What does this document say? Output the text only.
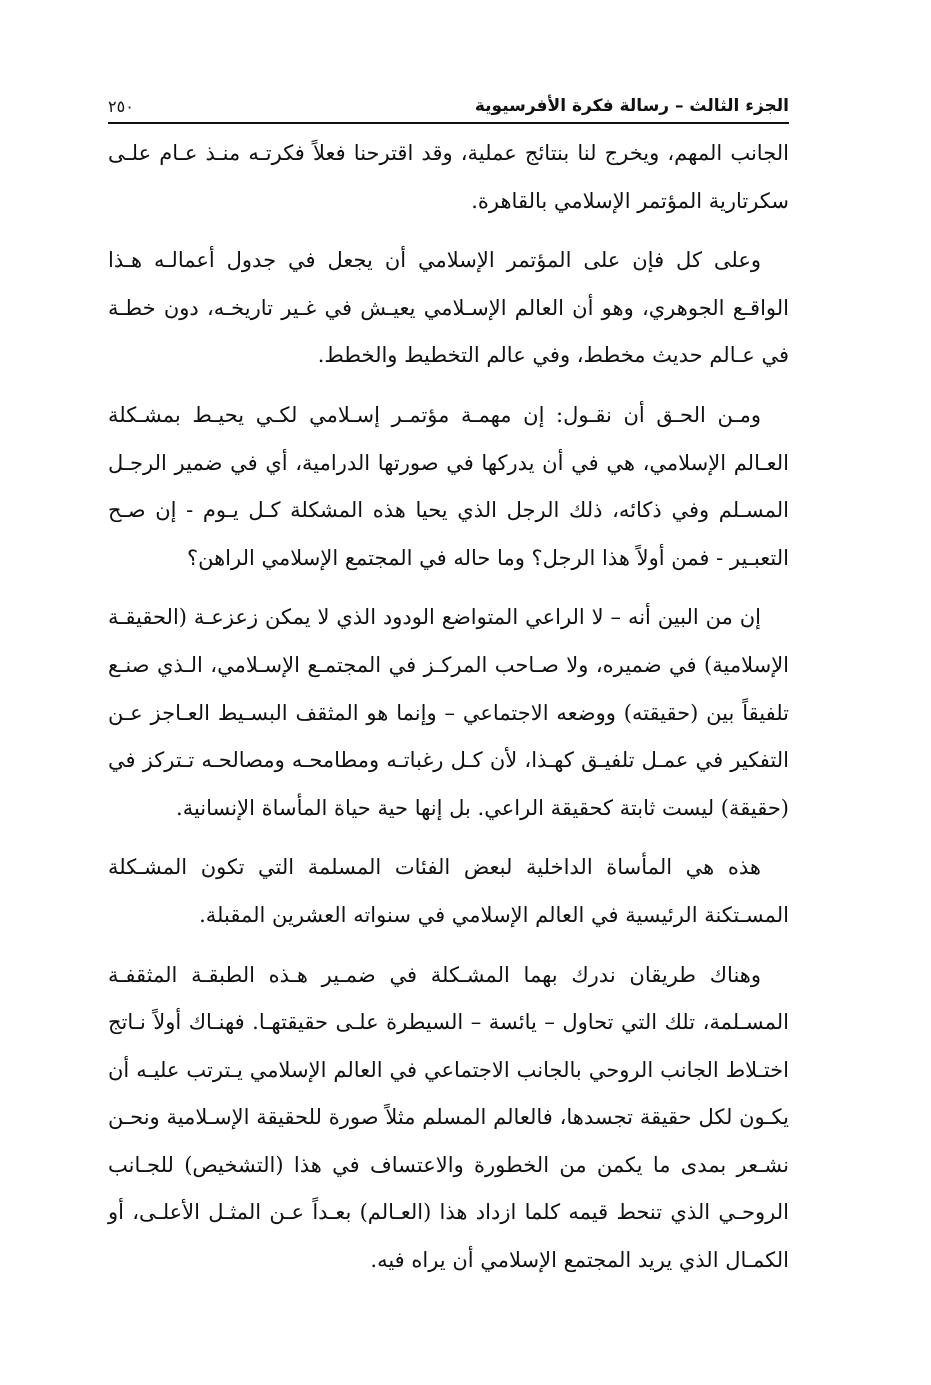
الجزء الثالث – رسالة فكرة الأفرسيوية
٢٥٠

الجانب المهم، ويخرج لنا بنتائج عملية، وقد اقترحنا فعلاً فكرتـه منـذ عـام علـى سكرتارية المؤتمر الإسلامي بالقاهرة.

وعلى كل فإن على المؤتمر الإسلامي أن يجعل في جدول أعمالـه هـذا الواقـع الجوهري، وهو أن العالم الإسـلامي يعيـش في غـير تاريخـه، دون خطـة في عـالم حديث مخطط، وفي عالم التخطيط والخطط.

ومـن الحـق أن نقـول: إن مهمـة مؤتمـر إسـلامي لكـي يحيـط بمشـكلة العـالم الإسلامي، هي في أن يدركها في صورتها الدرامية، أي في ضمير الرجـل المسـلم وفي ذكائه، ذلك الرجل الذي يحيا هذه المشكلة كـل يـوم - إن صـح التعبـير - فمن أولاً هذا الرجل؟ وما حاله في المجتمع الإسلامي الراهن؟

إن من البين أنه – لا الراعي المتواضع الودود الذي لا يمكن زعزعـة (الحقيقـة الإسلامية) في ضميره، ولا صـاحب المركـز في المجتمـع الإسـلامي، الـذي صنـع تلفيقاً بين (حقيقته) ووضعه الاجتماعي – وإنما هو المثقف البسـيط العـاجز عـن التفكير في عمـل تلفيـق كهـذا، لأن كـل رغباتـه ومطامحـه ومصالحـه تـتركز في (حقيقة) ليست ثابتة كحقيقة الراعي. بل إنها حية حياة المأساة الإنسانية.

هذه هي المأساة الداخلية لبعض الفئات المسلمة التي تكون المشـكلة المسـتكنة الرئيسية في العالم الإسلامي في سنواته العشرين المقبلة.

وهناك طريقان ندرك بهما المشـكلة في ضمـير هـذه الطبقـة المثقفـة المسـلمة، تلك التي تحاول – يائسة – السيطرة علـى حقيقتهـا. فهنـاك أولاً نـاتج اختـلاط الجانب الروحي بالجانب الاجتماعي في العالم الإسلامي يـترتب عليـه أن يكـون لكل حقيقة تجسدها، فالعالم المسلم مثلاً صورة للحقيقة الإسـلامية ونحـن نشـعر بمدى ما يكمن من الخطورة والاعتساف في هذا (التشخيص) للجـانب الروحـي الذي تنحط قيمه كلما ازداد هذا (العـالم) بعـداً عـن المثـل الأعلـى، أو الكمـال الذي يريد المجتمع الإسلامي أن يراه فيه.
